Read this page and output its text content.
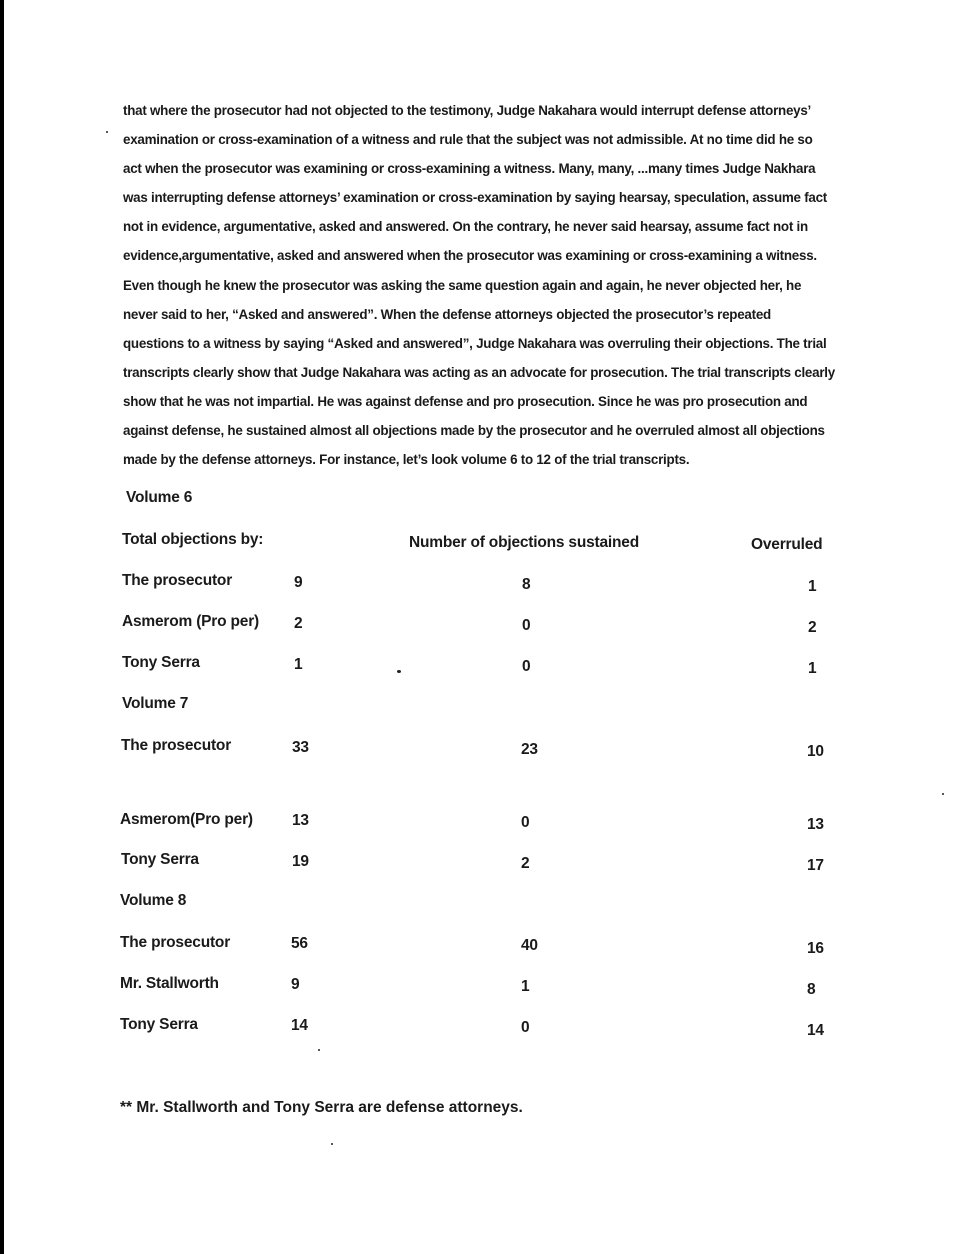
that where the prosecutor had not objected to the testimony, Judge Nakahara would interrupt defense attorneys’
examination or cross-examination of a witness and rule that the subject was not admissible. At no time did he so
act when the prosecutor was examining or cross-examining a witness. Many, many, ...many times Judge Nakhara
was interrupting defense attorneys’ examination or cross-examination by saying hearsay, speculation, assume fact
not in evidence, argumentative, asked and answered. On the contrary, he never said hearsay, assume fact not in
evidence,argumentative, asked and answered when the prosecutor was examining or cross-examining a witness.
Even though he knew the prosecutor was asking the same question again and again, he never objected her, he
never said to her, “Asked and answered”. When the defense attorneys objected the prosecutor’s repeated
questions to a witness by saying “Asked and answered”, Judge Nakahara was overruling their objections. The trial
transcripts clearly show that Judge Nakahara was acting as an advocate for prosecution. The trial transcripts clearly
show that he was not impartial. He was against defense and pro prosecution. Since he was pro prosecution and
against defense, he sustained almost all objections made by the prosecutor and he overruled almost all objections
made by the defense attorneys. For instance, let’s look volume 6 to 12 of the trial transcripts.
Volume 6
Total objections by:	Number of objections sustained	Overruled
The prosecutor	9	8	1
Asmerom (Pro per) 2	0	2
Tony Serra	1	0	1
Volume 7
The prosecutor	33	23	10
Asmerom(Pro per)	13	0	13
Tony Serra	19	2	17
Volume 8
The prosecutor	56	40	16
Mr. Stallworth	9	1	8
Tony Serra	14	0	14
** Mr. Stallworth and Tony Serra are defense attorneys.
